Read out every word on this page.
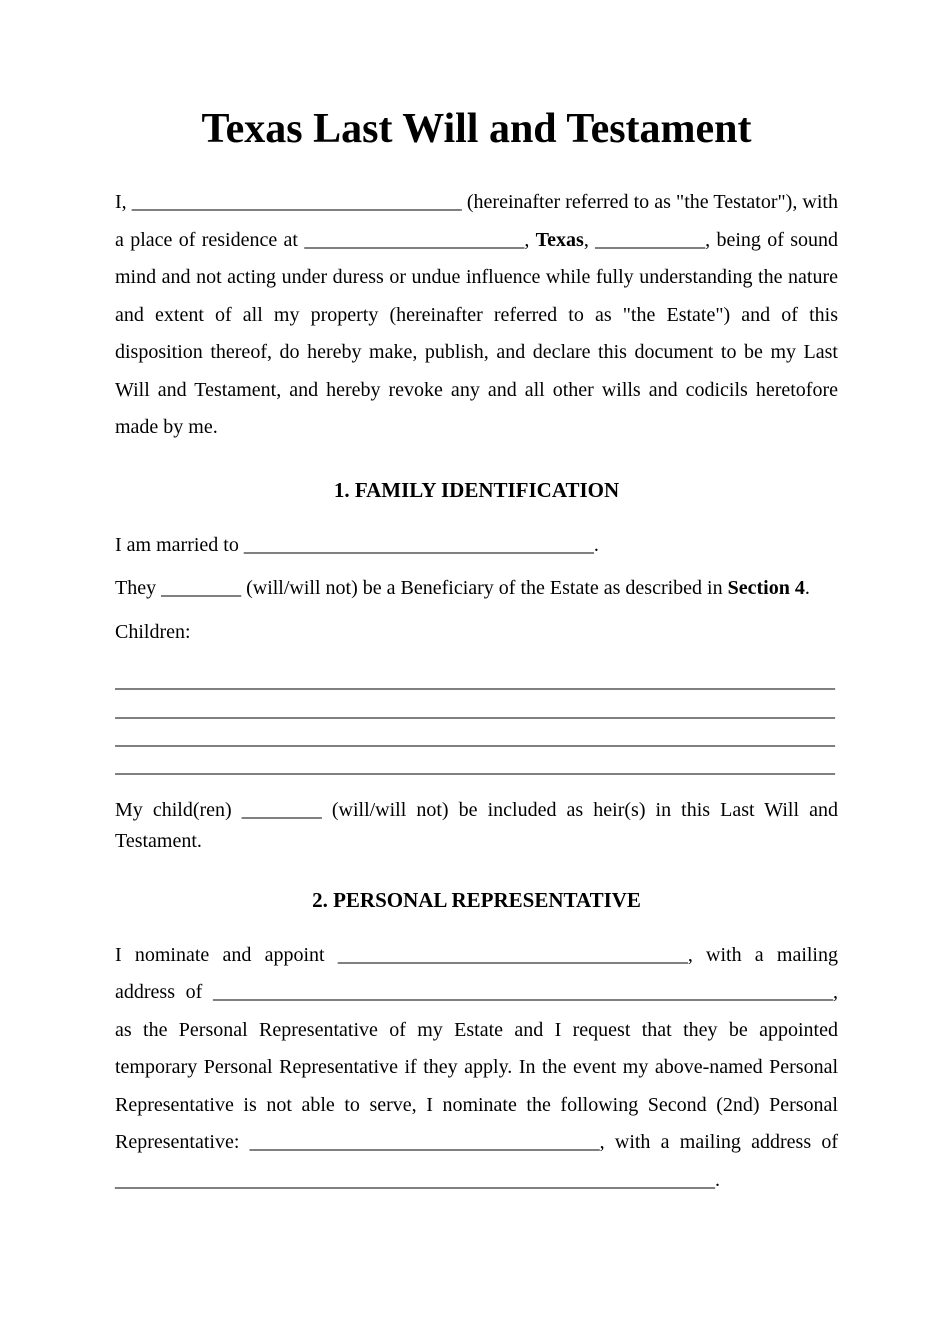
Texas Last Will and Testament

I, _________________________________ (hereinafter referred to as "the Testator"), with a place of residence at ______________________, Texas, ___________, being of sound mind and not acting under duress or undue influence while fully understanding the nature and extent of all my property (hereinafter referred to as "the Estate") and of this disposition thereof, do hereby make, publish, and declare this document to be my Last Will and Testament, and hereby revoke any and all other wills and codicils heretofore made by me.

1. FAMILY IDENTIFICATION

I am married to ___________________________________.

They ________ (will/will not) be a Beneficiary of the Estate as described in Section 4.

Children:

________________________________________________________________________
________________________________________________________________________
________________________________________________________________________
________________________________________________________________________

My child(ren) ________ (will/will not) be included as heir(s) in this Last Will and Testament.

2. PERSONAL REPRESENTATIVE

I nominate and appoint ___________________________________, with a mailing address of ______________________________________________________________, as the Personal Representative of my Estate and I request that they be appointed temporary Personal Representative if they apply. In the event my above-named Personal Representative is not able to serve, I nominate the following Second (2nd) Personal Representative: ___________________________________, with a mailing address of ____________________________________________________________.
